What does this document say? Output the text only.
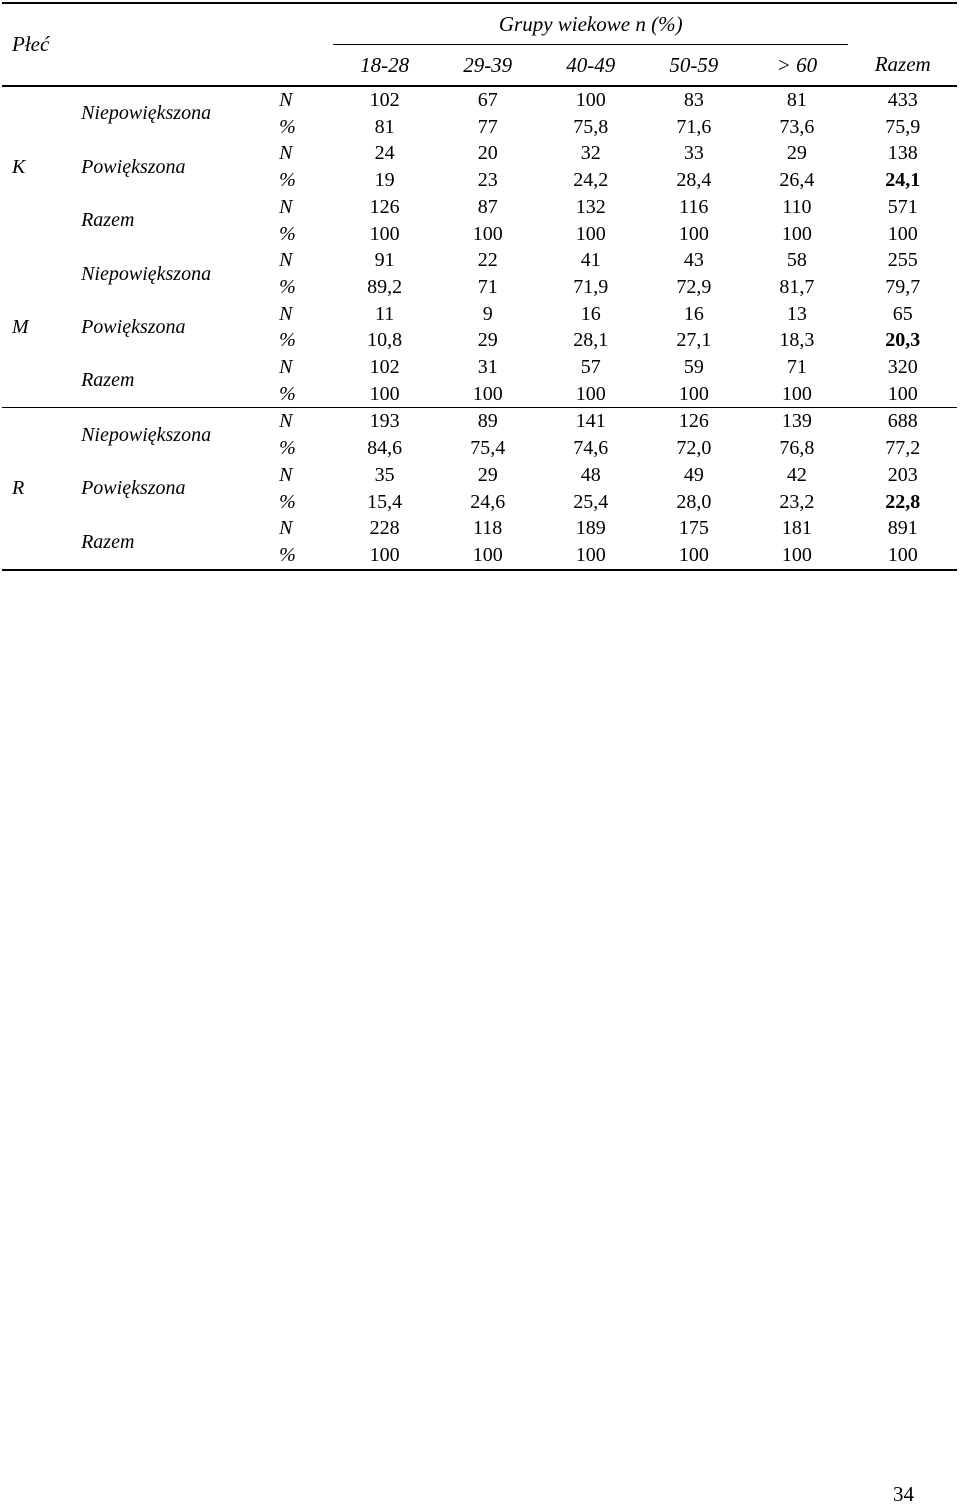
Płeć			Grupy wiekowe n (%)					
			18-28	29-39	40-49	50-59	> 60	Razem
K	Niepowiększona	N	102	67	100	83	81	433
		%	81	77	75,8	71,6	73,6	75,9
	Powiększona	N	24	20	32	33	29	138
		%	19	23	24,2	28,4	26,4	24,1
	Razem	N	126	87	132	116	110	571
		%	100	100	100	100	100	100
M	Niepowiększona	N	91	22	41	43	58	255
		%	89,2	71	71,9	72,9	81,7	79,7
	Powiększona	N	11	9	16	16	13	65
		%	10,8	29	28,1	27,1	18,3	20,3
	Razem	N	102	31	57	59	71	320
		%	100	100	100	100	100	100
R	Niepowiększona	N	193	89	141	126	139	688
		%	84,6	75,4	74,6	72,0	76,8	77,2
	Powiększona	N	35	29	48	49	42	203
		%	15,4	24,6	25,4	28,0	23,2	22,8
	Razem	N	228	118	189	175	181	891
		%	100	100	100	100	100	100
34
